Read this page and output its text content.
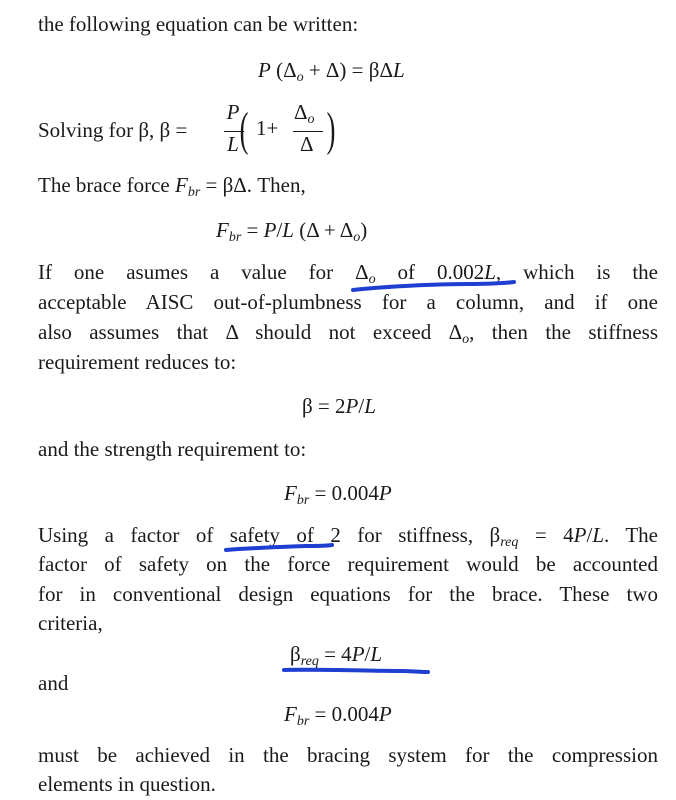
the following equation can be written:
P $(\Delta_o + \Delta) = \beta\Delta L$
Solving for β, β =
P
L ( 1+
$\Delta_o$
Δ )
The brace force $F_{br} = \beta\Delta$. Then,
$F_{br} = P/L$ $(\Delta + \Delta_o)$
If one asumes a value for $\Delta_o$ of 0.002L, which is the
acceptable AISC out-of-plumbness for a column, and if one
also assumes that Δ should not exceed $\Delta_o$, then the stiffness
requirement reduces to:
β = 2P/L
and the strength requirement to:
$F_{br} = 0.004P$
Using a factor of safety of 2 for stiffness, $\beta_{req} = 4P/L$. The
factor of safety on the force requirement would be accounted
for in conventional design equations for the brace. These two
criteria,
$\beta_{req} = 4P/L$
and
$F_{br} = 0.004P$
must be achieved in the bracing system for the compression
elements in question.
